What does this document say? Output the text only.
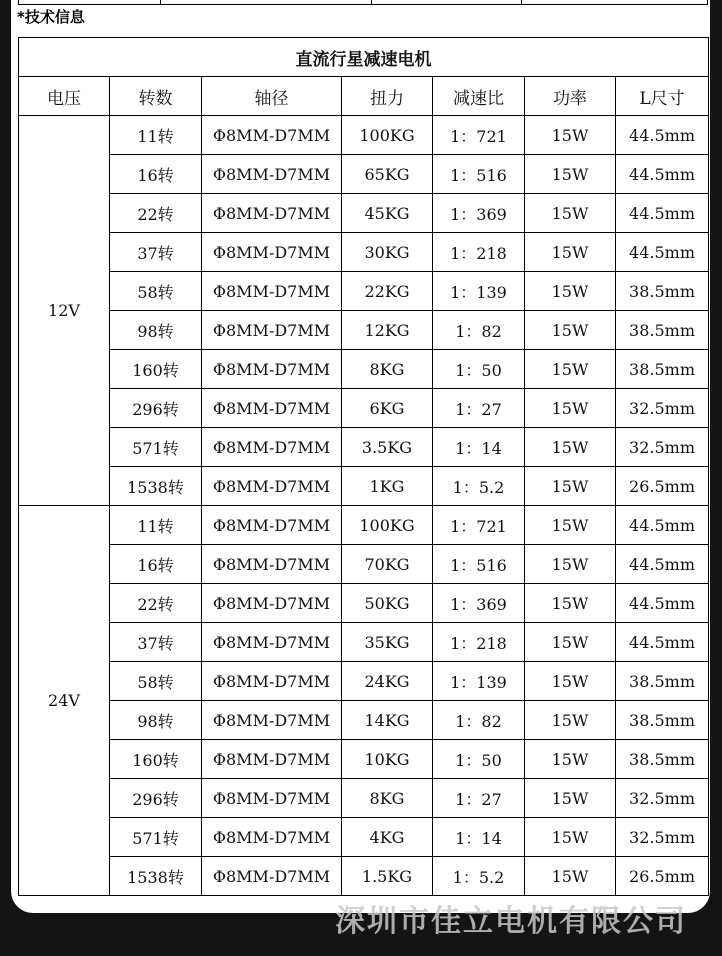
*技术信息
直流行星减速电机						
电压	转数	轴径	扭力	减速比	功率	L尺寸
12V	11转	Φ8MM-D7MM	100KG	1：721	15W	44.5mm
	16转	Φ8MM-D7MM	65KG	1：516	15W	44.5mm
	22转	Φ8MM-D7MM	45KG	1：369	15W	44.5mm
	37转	Φ8MM-D7MM	30KG	1：218	15W	44.5mm
	58转	Φ8MM-D7MM	22KG	1：139	15W	38.5mm
	98转	Φ8MM-D7MM	12KG	1：82	15W	38.5mm
	160转	Φ8MM-D7MM	8KG	1：50	15W	38.5mm
	296转	Φ8MM-D7MM	6KG	1：27	15W	32.5mm
	571转	Φ8MM-D7MM	3.5KG	1：14	15W	32.5mm
	1538转	Φ8MM-D7MM	1KG	1：5.2	15W	26.5mm
24V	11转	Φ8MM-D7MM	100KG	1：721	15W	44.5mm
	16转	Φ8MM-D7MM	70KG	1：516	15W	44.5mm
	22转	Φ8MM-D7MM	50KG	1：369	15W	44.5mm
	37转	Φ8MM-D7MM	35KG	1：218	15W	44.5mm
	58转	Φ8MM-D7MM	24KG	1：139	15W	38.5mm
	98转	Φ8MM-D7MM	14KG	1：82	15W	38.5mm
	160转	Φ8MM-D7MM	10KG	1：50	15W	38.5mm
	296转	Φ8MM-D7MM	8KG	1：27	15W	32.5mm
	571转	Φ8MM-D7MM	4KG	1：14	15W	32.5mm
	1538转	Φ8MM-D7MM	1.5KG	1：5.2	15W	26.5mm
深圳市佳立电机有限公司
